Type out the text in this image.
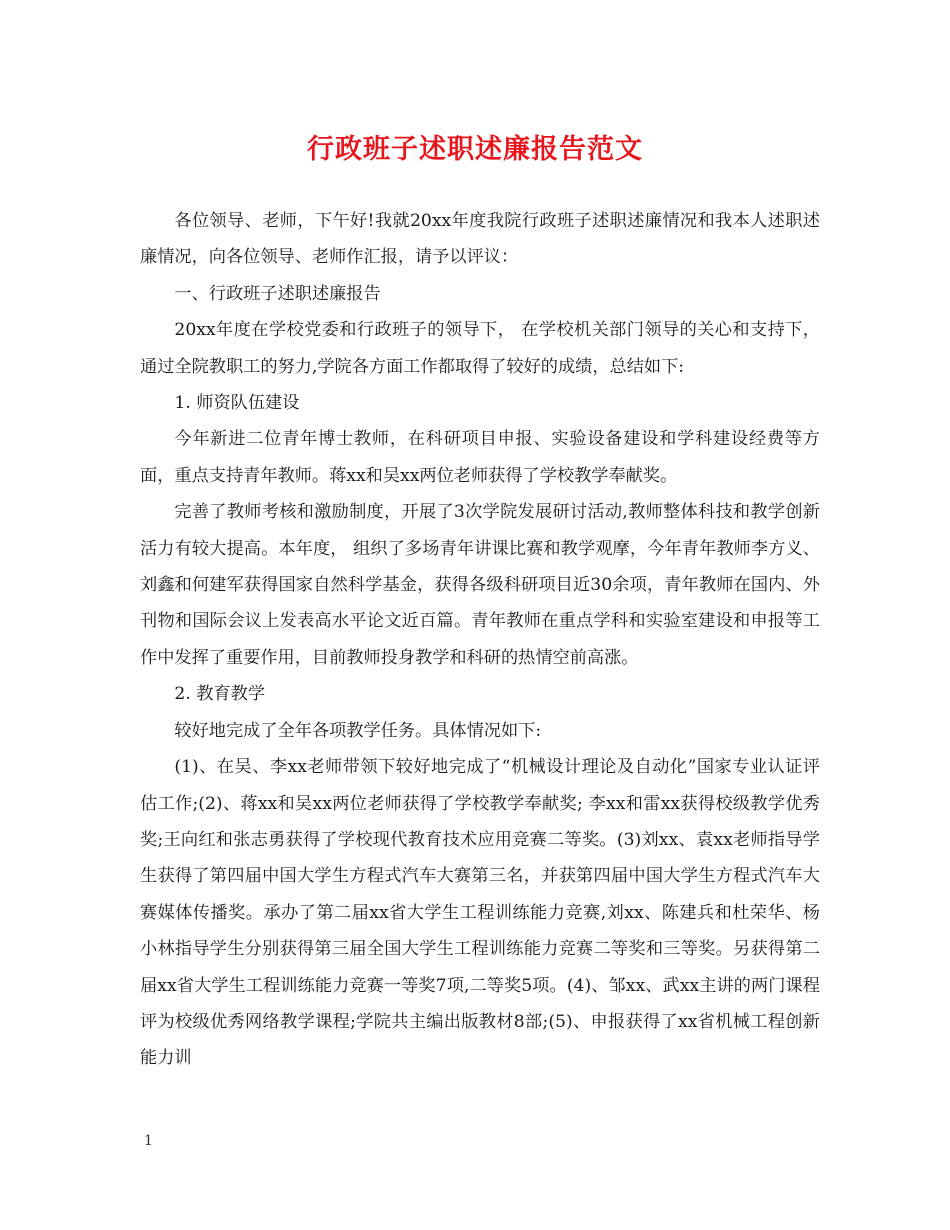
行政班子述职述廉报告范文

各位领导、老师，下午好!我就20xx年度我院行政班子述职述廉情况和我本人述职述廉情况，向各位领导、老师作汇报，请予以评议：

一、行政班子述职述廉报告

20xx年度在学校党委和行政班子的领导下， 在学校机关部门领导的关心和支持下，通过全院教职工的努力,学院各方面工作都取得了较好的成绩，总结如下:

1. 师资队伍建设

今年新进二位青年博士教师，在科研项目申报、实验设备建设和学科建设经费等方面，重点支持青年教师。蒋xx和吴xx两位老师获得了学校教学奉献奖。

完善了教师考核和激励制度，开展了3次学院发展研讨活动,教师整体科技和教学创新活力有较大提高。本年度， 组织了多场青年讲课比赛和教学观摩，今年青年教师李方义、刘鑫和何建军获得国家自然科学基金，获得各级科研项目近30余项，青年教师在国内、外刊物和国际会议上发表高水平论文近百篇。青年教师在重点学科和实验室建设和申报等工作中发挥了重要作用，目前教师投身教学和科研的热情空前高涨。

2. 教育教学

较好地完成了全年各项教学任务。具体情况如下:

(1)、在吴、李xx老师带领下较好地完成了“机械设计理论及自动化”国家专业认证评估工作;(2)、蒋xx和吴xx两位老师获得了学校教学奉献奖; 李xx和雷xx获得校级教学优秀奖;王向红和张志勇获得了学校现代教育技术应用竞赛二等奖。(3)刘xx、袁xx老师指导学生获得了第四届中国大学生方程式汽车大赛第三名，并获第四届中国大学生方程式汽车大赛媒体传播奖。承办了第二届xx省大学生工程训练能力竞赛,刘xx、陈建兵和杜荣华、杨小林指导学生分别获得第三届全国大学生工程训练能力竞赛二等奖和三等奖。另获得第二届xx省大学生工程训练能力竞赛一等奖7项,二等奖5项。(4)、邹xx、武xx主讲的两门课程评为校级优秀网络教学课程;学院共主编出版教材8部;(5)、申报获得了xx省机械工程创新能力训

1
